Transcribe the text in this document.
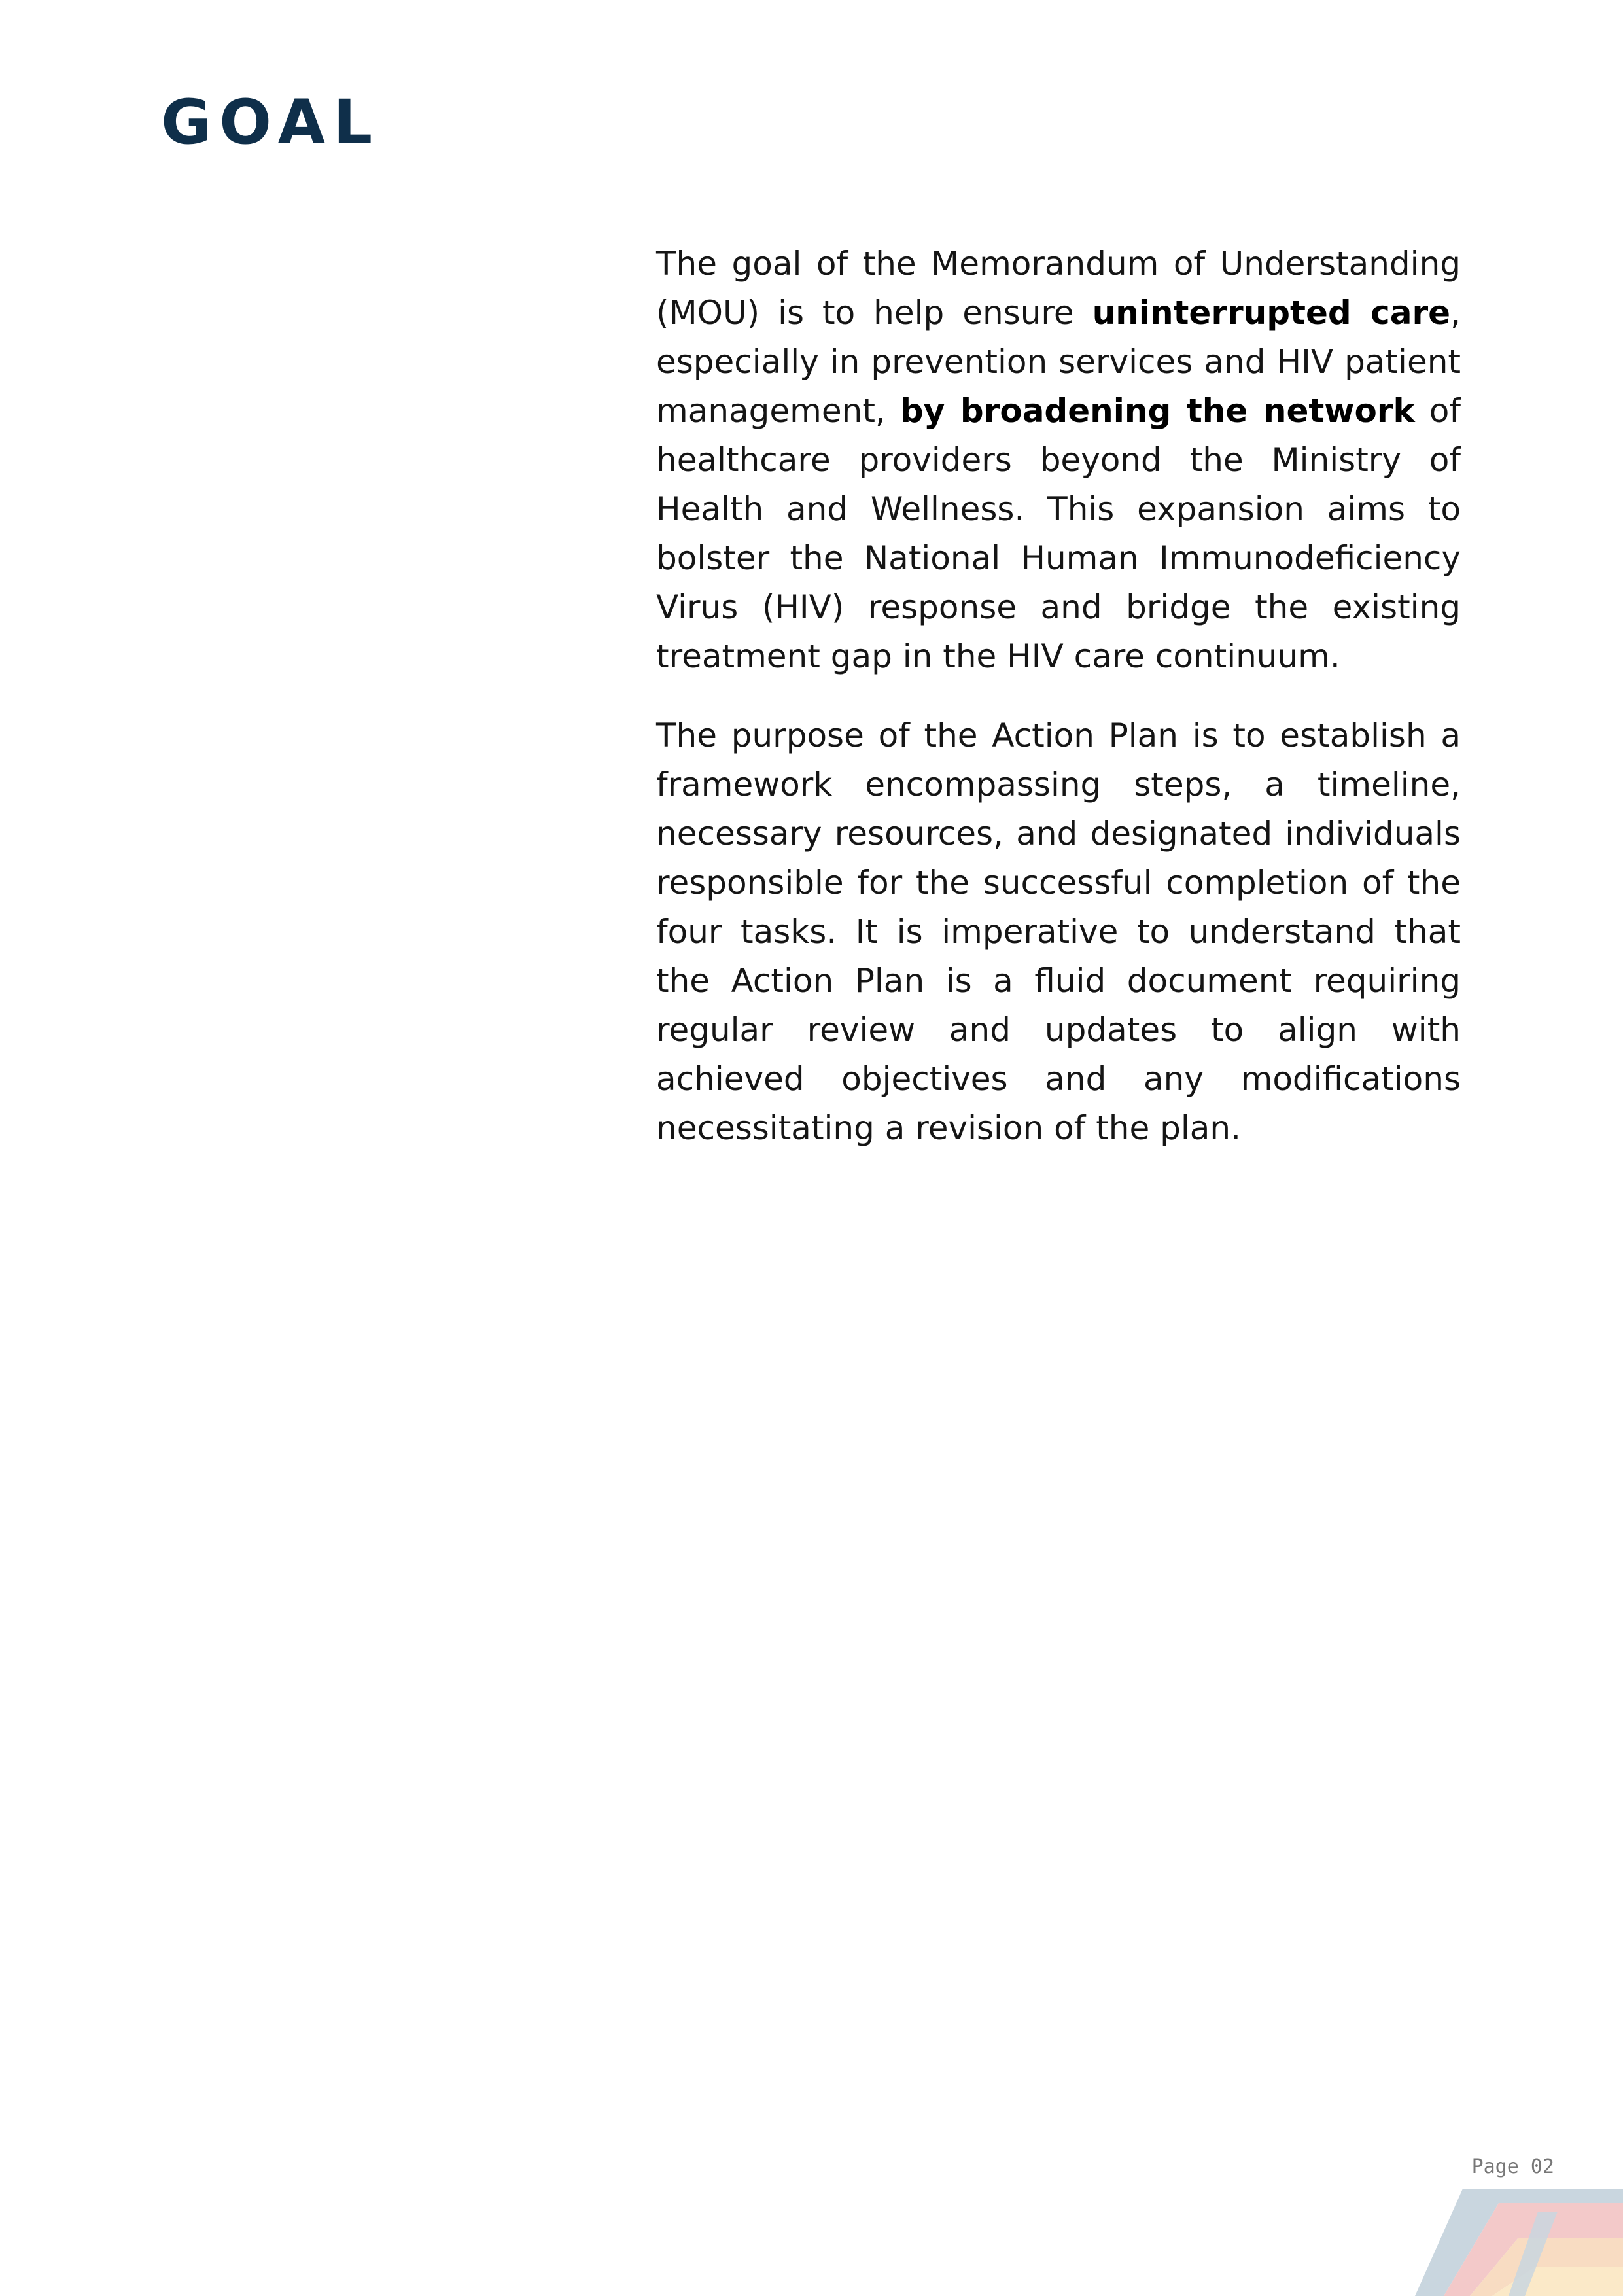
GOAL

The goal of the Memorandum of Understanding (MOU) is to help ensure uninterrupted care, especially in prevention services and HIV patient management, by broadening the network of healthcare providers beyond the Ministry of Health and Wellness. This expansion aims to bolster the National Human Immunodeficiency Virus (HIV) response and bridge the existing treatment gap in the HIV care continuum.

The purpose of the Action Plan is to establish a framework encompassing steps, a timeline, necessary resources, and designated individuals responsible for the successful completion of the four tasks. It is imperative to understand that the Action Plan is a fluid document requiring regular review and updates to align with achieved objectives and any modifications necessitating a revision of the plan.

Page 02
